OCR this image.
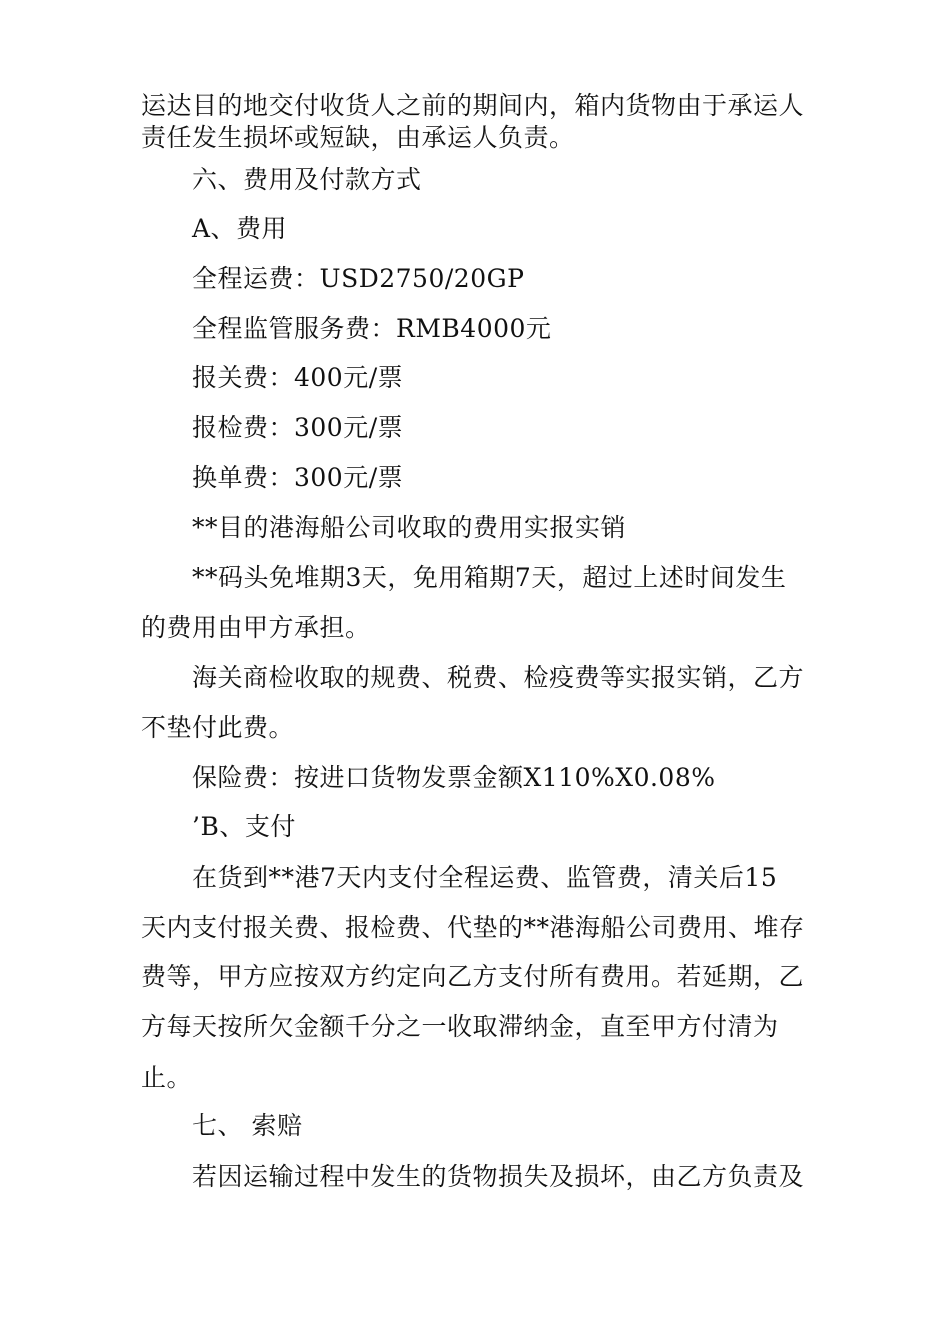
运达目的地交付收货人之前的期间内，箱内货物由于承运人
责任发生损坏或短缺，由承运人负责。
六、费用及付款方式
A、费用
全程运费：USD2750/20GP
全程监管服务费：RMB4000元
报关费：400元/票
报检费：300元/票
换单费：300元/票
**目的港海船公司收取的费用实报实销
**码头免堆期3天，免用箱期7天，超过上述时间发生
的费用由甲方承担。
海关商检收取的规费、税费、检疫费等实报实销，乙方
不垫付此费。
保险费：按进口货物发票金额X110%X0.08%
’B、支付
在货到**港7天内支付全程运费、监管费，清关后15
天内支付报关费、报检费、代垫的**港海船公司费用、堆存
费等，甲方应按双方约定向乙方支付所有费用。若延期，乙
方每天按所欠金额千分之一收取滞纳金，直至甲方付清为
止。
七、 索赔
若因运输过程中发生的货物损失及损坏，由乙方负责及
